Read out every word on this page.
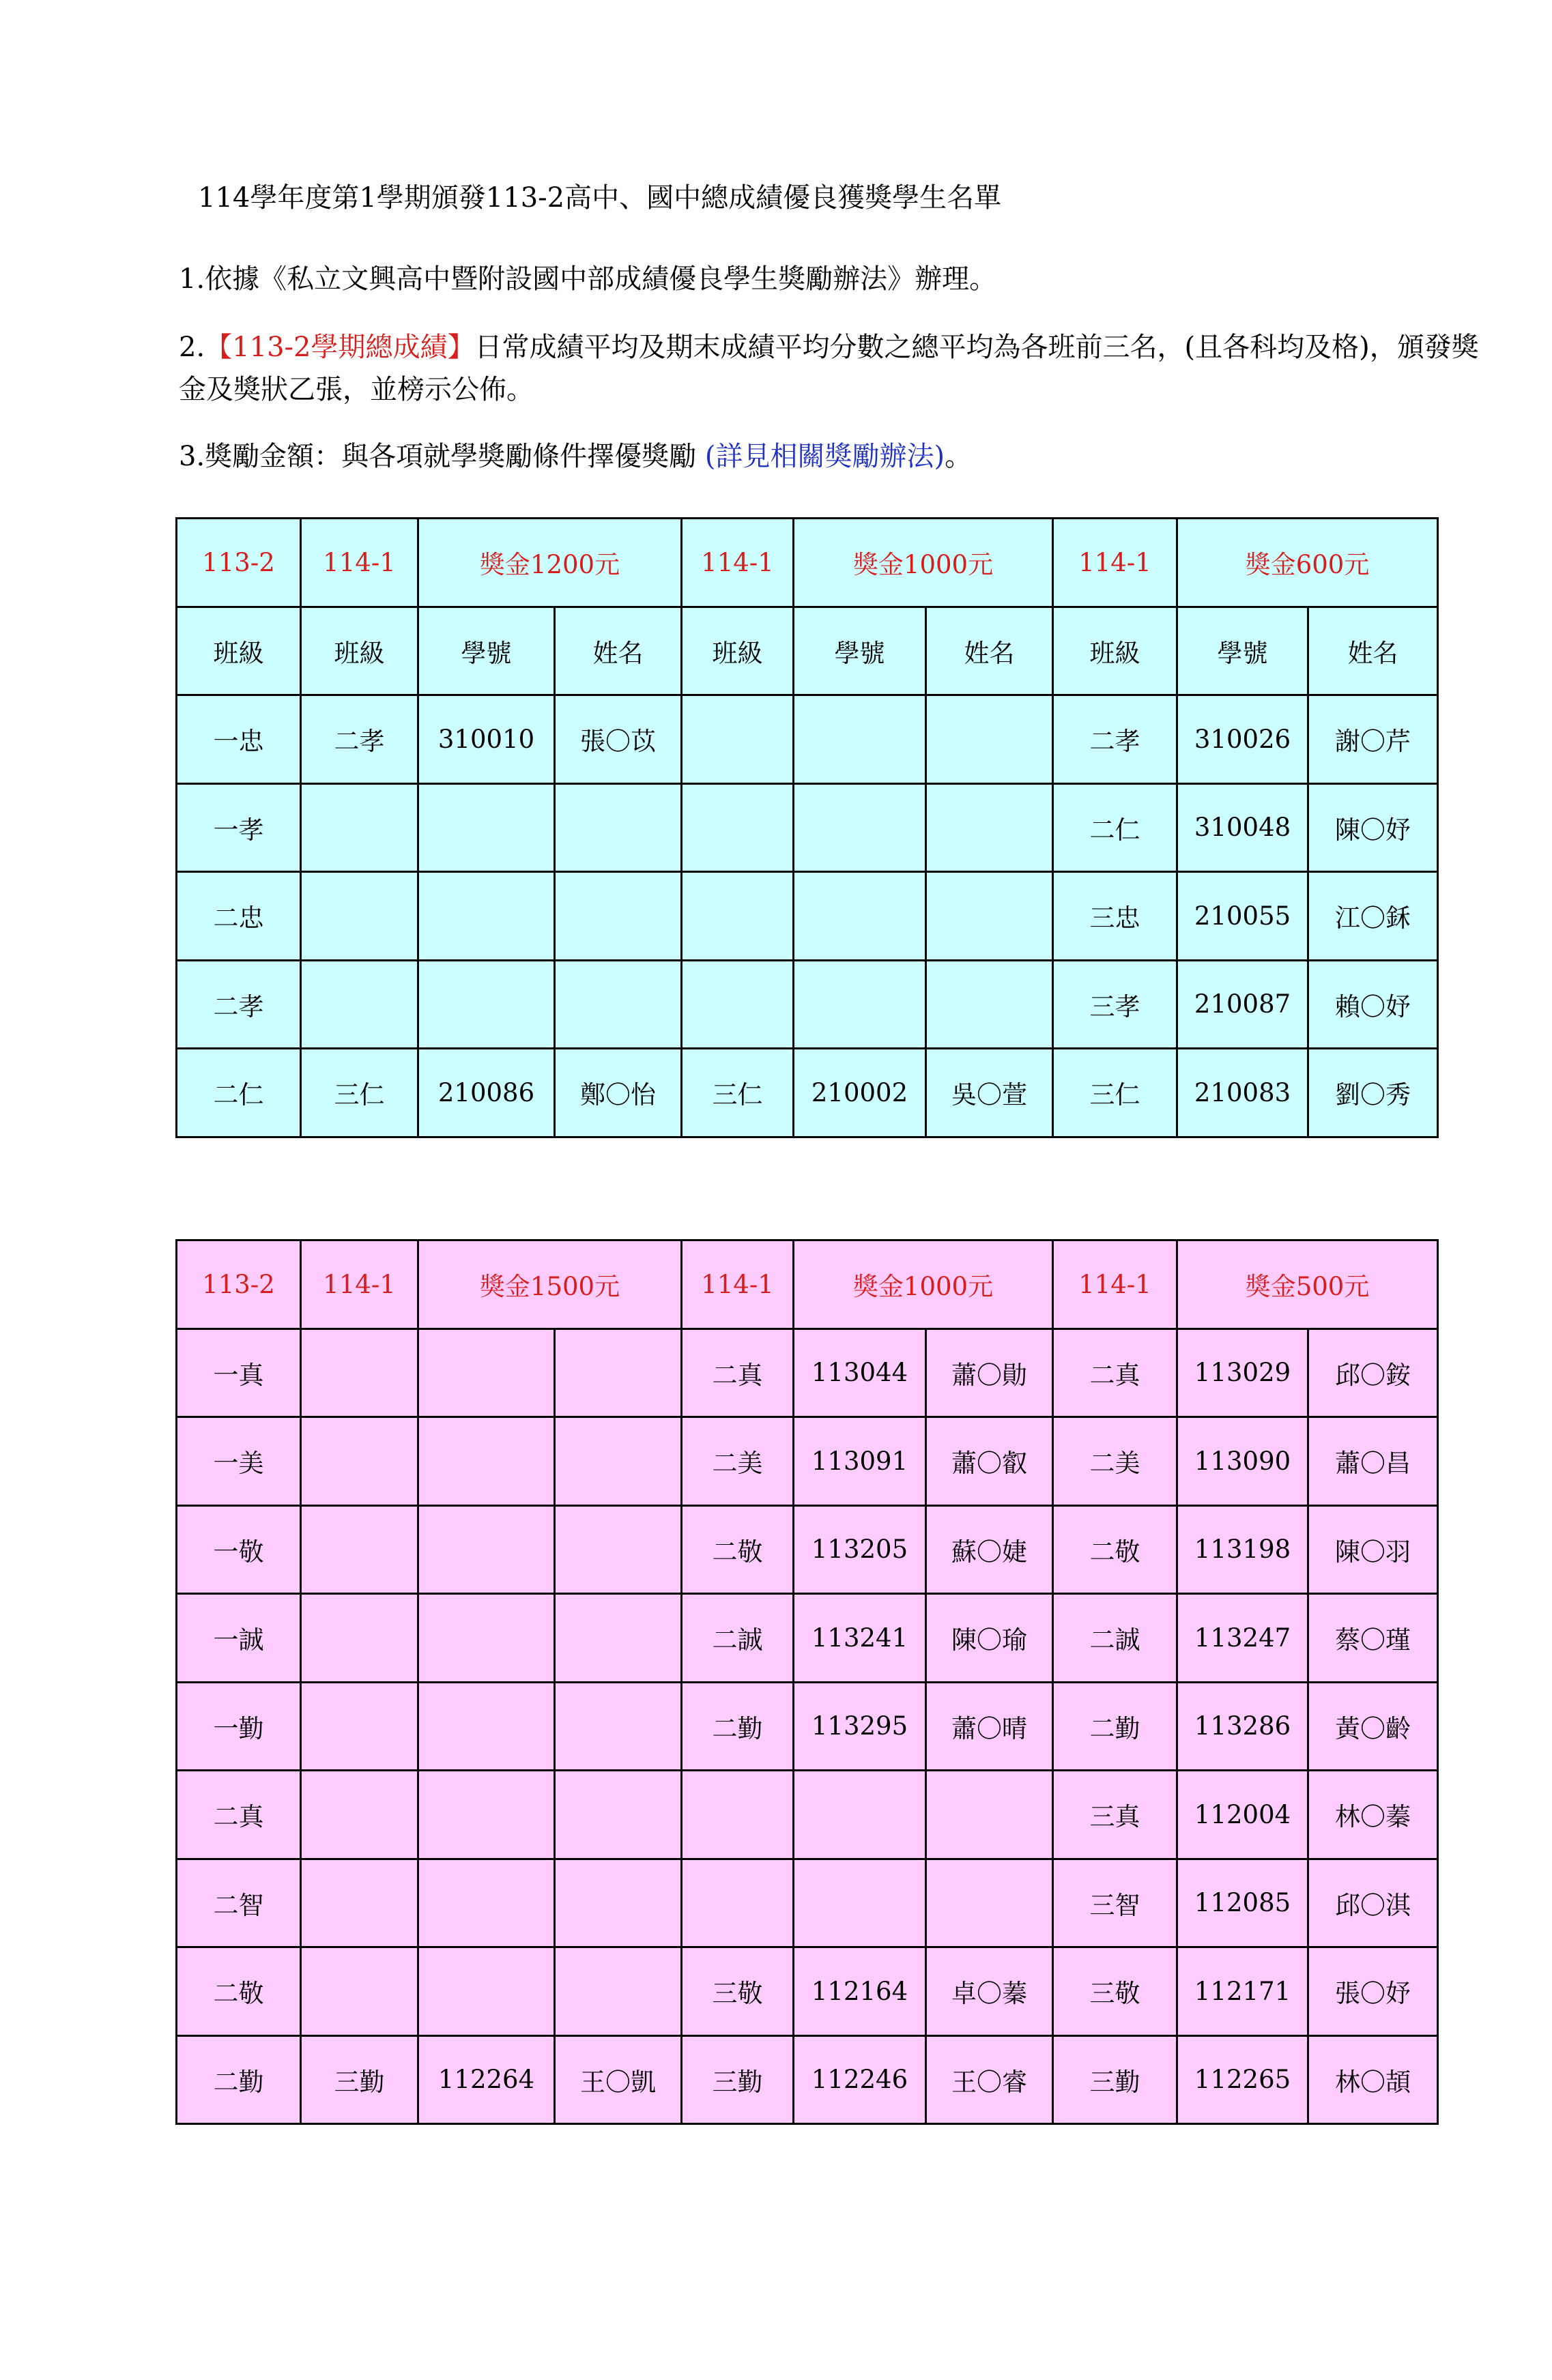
114學年度第1學期頒發113-2高中、國中總成績優良獲獎學生名單
1.依據《私立文興高中暨附設國中部成績優良學生獎勵辦法》辦理。
2.【113-2學期總成績】日常成績平均及期末成績平均分數之總平均為各班前三名，(且各科均及格)，頒發獎金及獎狀乙張，並榜示公佈。
3.獎勵金額：與各項就學獎勵條件擇優獎勵 (詳見相關獎勵辦法)。
113-2	114-1	獎金1200元		114-1	獎金1000元		114-1	獎金600元	
班級	班級	學號	姓名	班級	學號	姓名	班級	學號	姓名
一忠	二孝	310010	張〇苡				二孝	310026	謝〇芹
一孝							二仁	310048	陳〇妤
二忠							三忠	210055	江〇鉌
二孝							三孝	210087	賴〇妤
二仁	三仁	210086	鄭〇怡	三仁	210002	吳〇萱	三仁	210083	劉〇秀
113-2	114-1	獎金1500元		114-1	獎金1000元		114-1	獎金500元	
一真				二真	113044	蕭〇勛	二真	113029	邱〇銨
一美				二美	113091	蕭〇叡	二美	113090	蕭〇昌
一敬				二敬	113205	蘇〇婕	二敬	113198	陳〇羽
一誠				二誠	113241	陳〇瑜	二誠	113247	蔡〇瑾
一勤				二勤	113295	蕭〇晴	二勤	113286	黃〇齡
二真							三真	112004	林〇蓁
二智							三智	112085	邱〇淇
二敬				三敬	112164	卓〇蓁	三敬	112171	張〇妤
二勤	三勤	112264	王〇凱	三勤	112246	王〇睿	三勤	112265	林〇頡
